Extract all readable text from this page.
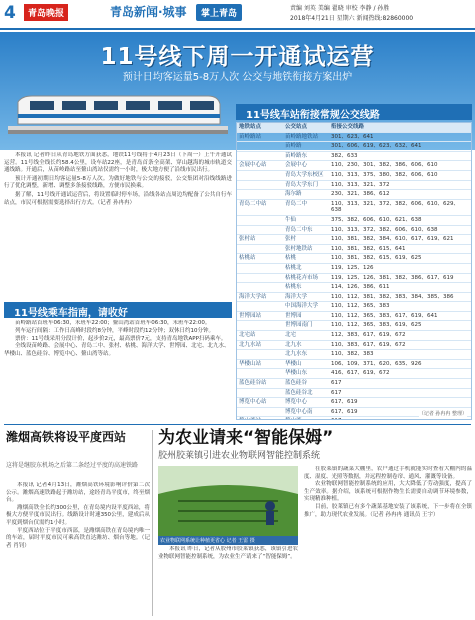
4	青岛晚报	青岛新闻·城事	掌上青岛
责编 刘英 美编 翟晓 审校 李静 / 孙胜
2018年4月21日 星期六 新闻热线:82860000
11号线下周一开通试运营
预计日均客运量5-8万人次 公交与地铁衔接方案出炉
11号线车站衔接常规公交线路

本报讯 记者昨日从青岛地铁方面获悉，地铁11号线将于4月23日（下周一）上午开通试运营。11号线全线长约58.4公里，设车站22座，是青岛首条全高架、穿山越海的城市轨道交通线路。开通后，从苗岭路站至鳌山湾站仅需约一小时，极大地方便了沿线市民出行。

预计开通初期日均客运量5-8万人次。为做好地铁与公交的接驳，公交集团对沿线线路进行了优化调整，新增、调整多条接驳线路，方便市民换乘。

据了解，11号线开通试运营后，将设置临时停车场，沿线各站点周边均配备了公共自行车站点，市民可根据需要选择出行方式。（记者 孙冉冉）

11号线乘车指南，请收好

苗岭路站首班车06:30，末班车22:00；鳌山湾站首班车06:30，末班车22:00。

列车运行间隔：工作日高峰时段约8分钟，平峰时段约12分钟；双休日约10分钟。

票价：11号线采用分段计价，起步价2元，最高票价7元，支持青岛地铁APP扫码乘车。

全线设苗岭路、会展中心、青岛二中、张村、枯桃、海洋大学、世博园、北宅、北九水、华楼山、蓝色硅谷、博览中心、鳌山湾等站。

地铁站点	公交站点	衔接公交线路
苗岭路站	苗岭路地铁站	301、623、641
	苗岭路	301、606、619、623、632、641
	苗岭路东	382、633
会展中心站	会展中心	110、230、301、382、386、606、610
	青岛大学东校区	110、313、375、380、382、606、610
	青岛大学东门	110、313、321、372
	海尔路	230、321、386、612
青岛二中站	青岛二中	110、313、321、372、382、606、610、629、638
	牛仙	375、382、606、610、621、638
	青岛二中东	110、313、372、382、606、610、638
张村站	张村	110、381、382、384、610、617、619、621
	张村地铁站	110、381、382、615、641
枯桃站	枯桃	110、381、382、615、619、625
	枯桃北	119、125、126
	枯桃花卉市场	119、125、126、381、382、386、617、619
	枯桃东	114、126、386、611
海洋大学站	海洋大学	110、112、381、382、383、384、385、386
	中国海洋大学	110、112、365、383
世博园站	世博园	110、112、365、383、617、619、641
	世博园南门	110、112、365、383、619、625
北宅站	北宅	112、383、617、619、672
北九水站	北九水	110、383、617、619、672
	北九水东	110、382、383
华楼山站	华楼山	106、109、371、620、635、926
	华楼山东	416、617、619、672
蓝色硅谷站	蓝色硅谷	617
	蓝色硅谷北	617
博览中心站	博览中心	617、619
	博览中心南	617、619

			（记者 孙冉冉 整理）
潍烟高铁将设平度西站
这将是继胶东机场之后第二条经过平度的高速铁路

本报讯 记者4月13日，潍烟高铁环境影响评价第二次公示。潍烟高速铁路起于潍坊站，途经青岛平度市，终至烟台。

潍烟高铁全长约300公里，在青岛境内设平度西站，将极大方便平度市民出行。线路设计时速350公里，建成后从平度到烟台仅需约1小时。

平度西站位于平度市西部，是潍烟高铁在青岛境内唯一的车站，届时平度市民可乘高铁直达潍坊、烟台等地。（记者 肖钊）

为农业请来“智能保姆”
胶州胶莱镇引进农业物联网智能控制系统
农业物联网系统让种植更省心 记者 王雷 摄

本报讯 昨日，记者从胶州市胶莱镇获悉，该镇引进农业物联网智能控制系统，为农业生产请来了“智能保姆”。

在胶莱镇的蔬菜大棚里，农户通过手机就能实时查看大棚内的温度、湿度、光照等数据，并远程控制卷帘、通风、灌溉等设备。

农业物联网智能控制系统的应用，大大降低了劳动强度，提高了生产效率。据介绍，该系统可根据作物生长需要自动调节环境参数，实现精准种植。

目前，胶莱镇已有多个蔬菜基地安装了该系统，下一步将在全镇推广，助力现代农业发展。（记者 孙冉冉 通讯员 王宇）
